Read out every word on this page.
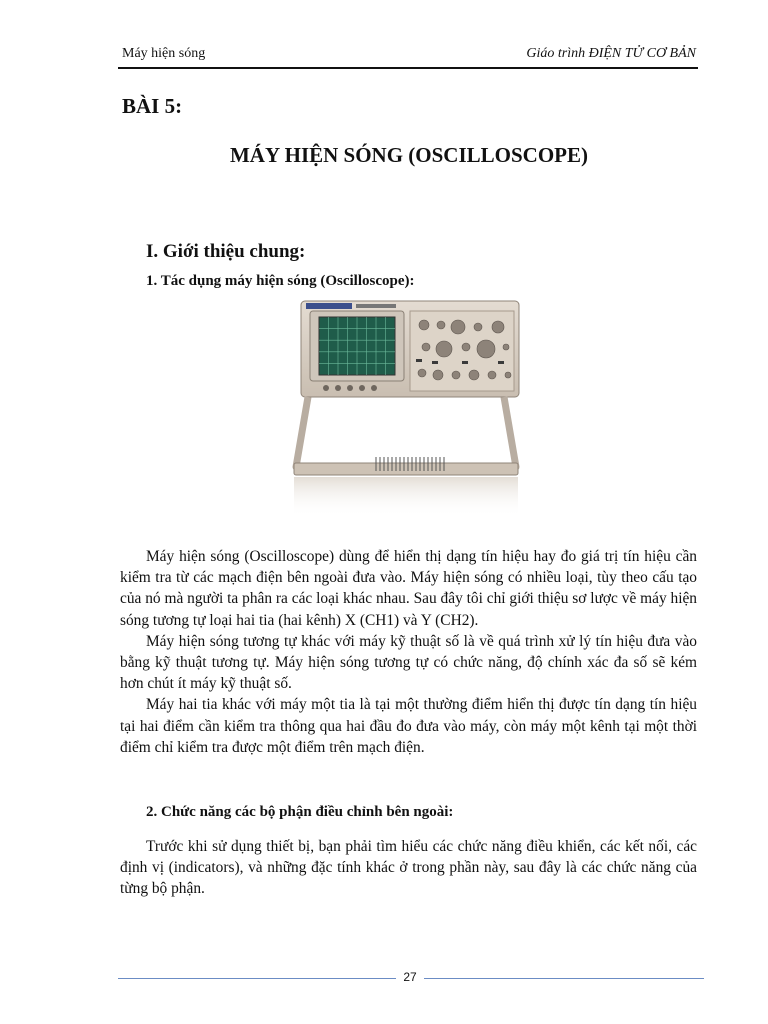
Máy hiện sóng	Giáo trình ĐIỆN TỬ CƠ BẢN
BÀI 5:
MÁY HIỆN SÓNG (OSCILLOSCOPE)
I. Giới thiệu chung:
1. Tác dụng máy hiện sóng (Oscilloscope):

Máy hiện sóng (Oscilloscope) dùng để hiển thị dạng tín hiệu hay đo giá trị tín hiệu cần kiểm tra từ các mạch điện bên ngoài đưa vào. Máy hiện sóng có nhiều loại, tùy theo cấu tạo của nó mà người ta phân ra các loại khác nhau. Sau đây tôi chỉ giới thiệu sơ lược về máy hiện sóng tương tự loại hai tia (hai kênh) X (CH1) và Y (CH2).

Máy hiện sóng tương tự khác với máy kỹ thuật số là về quá trình xử lý tín hiệu đưa vào bằng kỹ thuật tương tự. Máy hiện sóng tương tự có chức năng, độ chính xác đa số sẽ kém hơn chút ít máy kỹ thuật số.

Máy hai tia khác với máy một tia là tại một thường điểm hiển thị được tín dạng tín hiệu tại hai điểm cần kiểm tra thông qua hai đầu đo đưa vào máy, còn máy một kênh tại một thời điểm chỉ kiểm tra được một điểm trên mạch điện.

2. Chức năng các bộ phận điều chỉnh bên ngoài:

Trước khi sử dụng thiết bị, bạn phải tìm hiểu các chức năng điều khiển, các kết nối, các định vị (indicators), và những đặc tính khác ở trong phần này, sau đây là các chức năng của từng bộ phận.

27
